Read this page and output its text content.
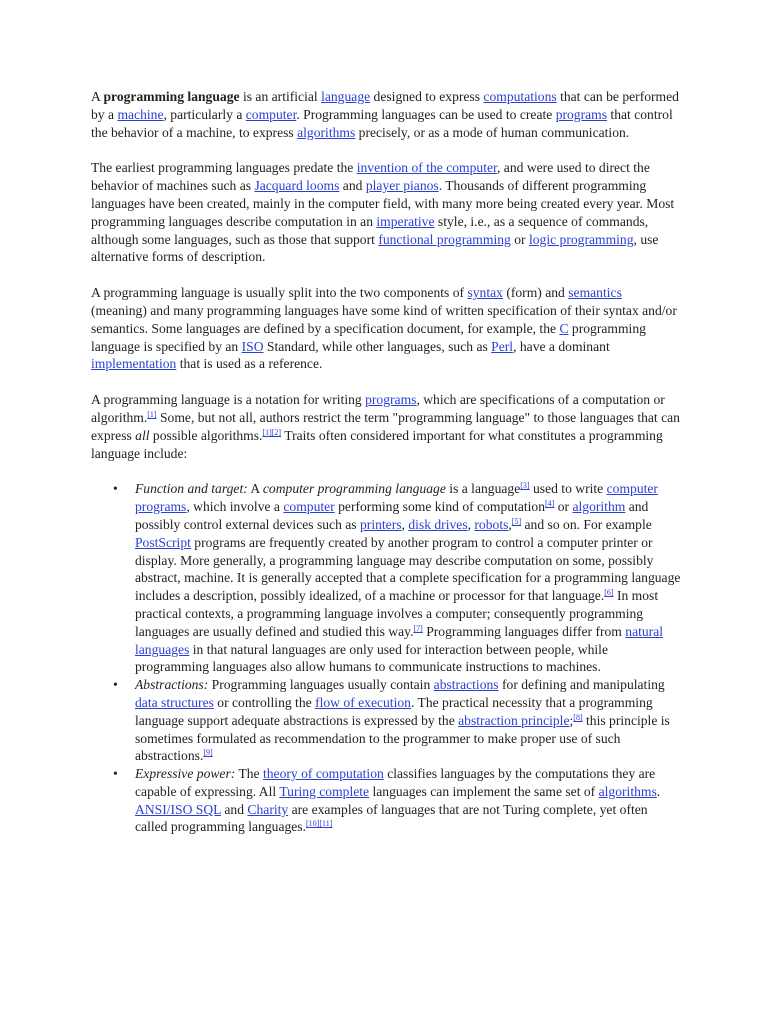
A programming language is an artificial language designed to express computations that can be performed by a machine, particularly a computer. Programming languages can be used to create programs that control the behavior of a machine, to express algorithms precisely, or as a mode of human communication.

The earliest programming languages predate the invention of the computer, and were used to direct the behavior of machines such as Jacquard looms and player pianos. Thousands of different programming languages have been created, mainly in the computer field, with many more being created every year. Most programming languages describe computation in an imperative style, i.e., as a sequence of commands, although some languages, such as those that support functional programming or logic programming, use alternative forms of description.

A programming language is usually split into the two components of syntax (form) and semantics (meaning) and many programming languages have some kind of written specification of their syntax and/or semantics. Some languages are defined by a specification document, for example, the C programming language is specified by an ISO Standard, while other languages, such as Perl, have a dominant implementation that is used as a reference.

A programming language is a notation for writing programs, which are specifications of a computation or algorithm.[1] Some, but not all, authors restrict the term "programming language" to those languages that can express all possible algorithms.[1][2] Traits often considered important for what constitutes a programming language include:

• Function and target: A computer programming language is a language[3] used to write computer programs, which involve a computer performing some kind of computation[4] or algorithm and possibly control external devices such as printers, disk drives, robots,[5] and so on. For example PostScript programs are frequently created by another program to control a computer printer or display. More generally, a programming language may describe computation on some, possibly abstract, machine. It is generally accepted that a complete specification for a programming language includes a description, possibly idealized, of a machine or processor for that language.[6] In most practical contexts, a programming language involves a computer; consequently programming languages are usually defined and studied this way.[7] Programming languages differ from natural languages in that natural languages are only used for interaction between people, while programming languages also allow humans to communicate instructions to machines.
• Abstractions: Programming languages usually contain abstractions for defining and manipulating data structures or controlling the flow of execution. The practical necessity that a programming language support adequate abstractions is expressed by the abstraction principle;[8] this principle is sometimes formulated as recommendation to the programmer to make proper use of such abstractions.[9]
• Expressive power: The theory of computation classifies languages by the computations they are capable of expressing. All Turing complete languages can implement the same set of algorithms. ANSI/ISO SQL and Charity are examples of languages that are not Turing complete, yet often called programming languages.[10][11]
